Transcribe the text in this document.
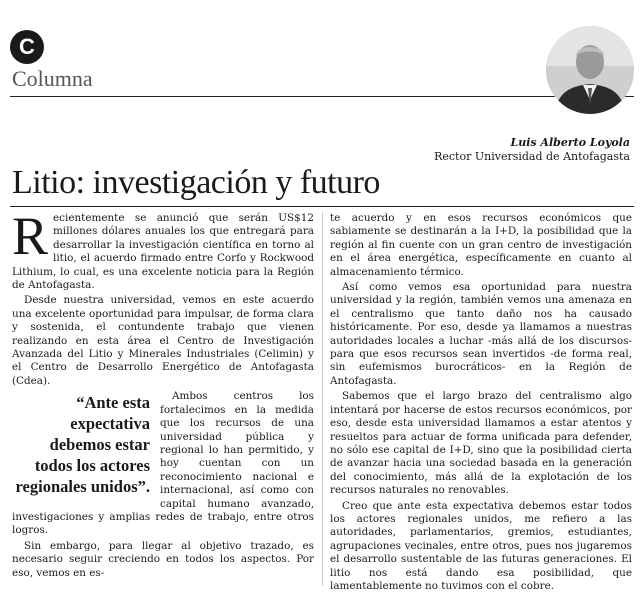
C
Columna
Luis Alberto Loyola
Rector Universidad de Antofagasta
Litio: investigación y futuro

R ecientemente se anunció que serán US$12 millones dólares anuales los que entregará para desarrollar la investigación científica en torno al litio, el acuerdo firmado entre Corfo y Rockwood Lithium, lo cual, es una excelente noticia para la Región de Antofagasta.

Desde nuestra universidad, vemos en este acuerdo una excelente oportunidad para impulsar, de forma clara y sostenida, el contundente trabajo que vienen realizando en esta área el Centro de Investigación Avanzada del Litio y Minerales Industriales (Celimin) y el Centro de Desarrollo Energético de Antofagasta (Cdea).

“Ante esta expectativa debemos estar todos los actores regionales unidos”.

Ambos centros los fortalecimos en la medida que los recursos de una universidad pública y regional lo han permitido, y hoy cuentan con un reconocimiento nacional e internacional, así como con capital humano avanzado, investigaciones y amplias redes de trabajo, entre otros logros.

Sin embargo, para llegar al objetivo trazado, es necesario seguir creciendo en todos los aspectos. Por eso, vemos en es-

te acuerdo y en esos recursos económicos que sabiamente se destinarán a la I+D, la posibilidad que la región al fin cuente con un gran centro de investigación en el área energética, específicamente en cuanto al almacenamiento térmico.

Así como vemos esa oportunidad para nuestra universidad y la región, también vemos una amenaza en el centralismo que tanto daño nos ha causado históricamente. Por eso, desde ya llamamos a nuestras autoridades locales a luchar -más allá de los discursos- para que esos recursos sean invertidos -de forma real, sin eufemismos burocráticos- en la Región de Antofagasta.

Sabemos que el largo brazo del centralismo algo intentará por hacerse de estos recursos económicos, por eso, desde esta universidad llamamos a estar atentos y resueltos para actuar de forma unificada para defender, no sólo ese capital de I+D, sino que la posibilidad cierta de avanzar hacia una sociedad basada en la generación del conocimiento, más allá de la explotación de los recursos naturales no renovables.

Creo que ante esta expectativa debemos estar todos los actores regionales unidos, me refiero a las autoridades, parlamentarios, gremios, estudiantes, agrupaciones vecinales, entre otros, pues nos jugaremos el desarrollo sustentable de las futuras generaciones. El litio nos está dando esa posibilidad, que lamentablemente no tuvimos con el cobre.
